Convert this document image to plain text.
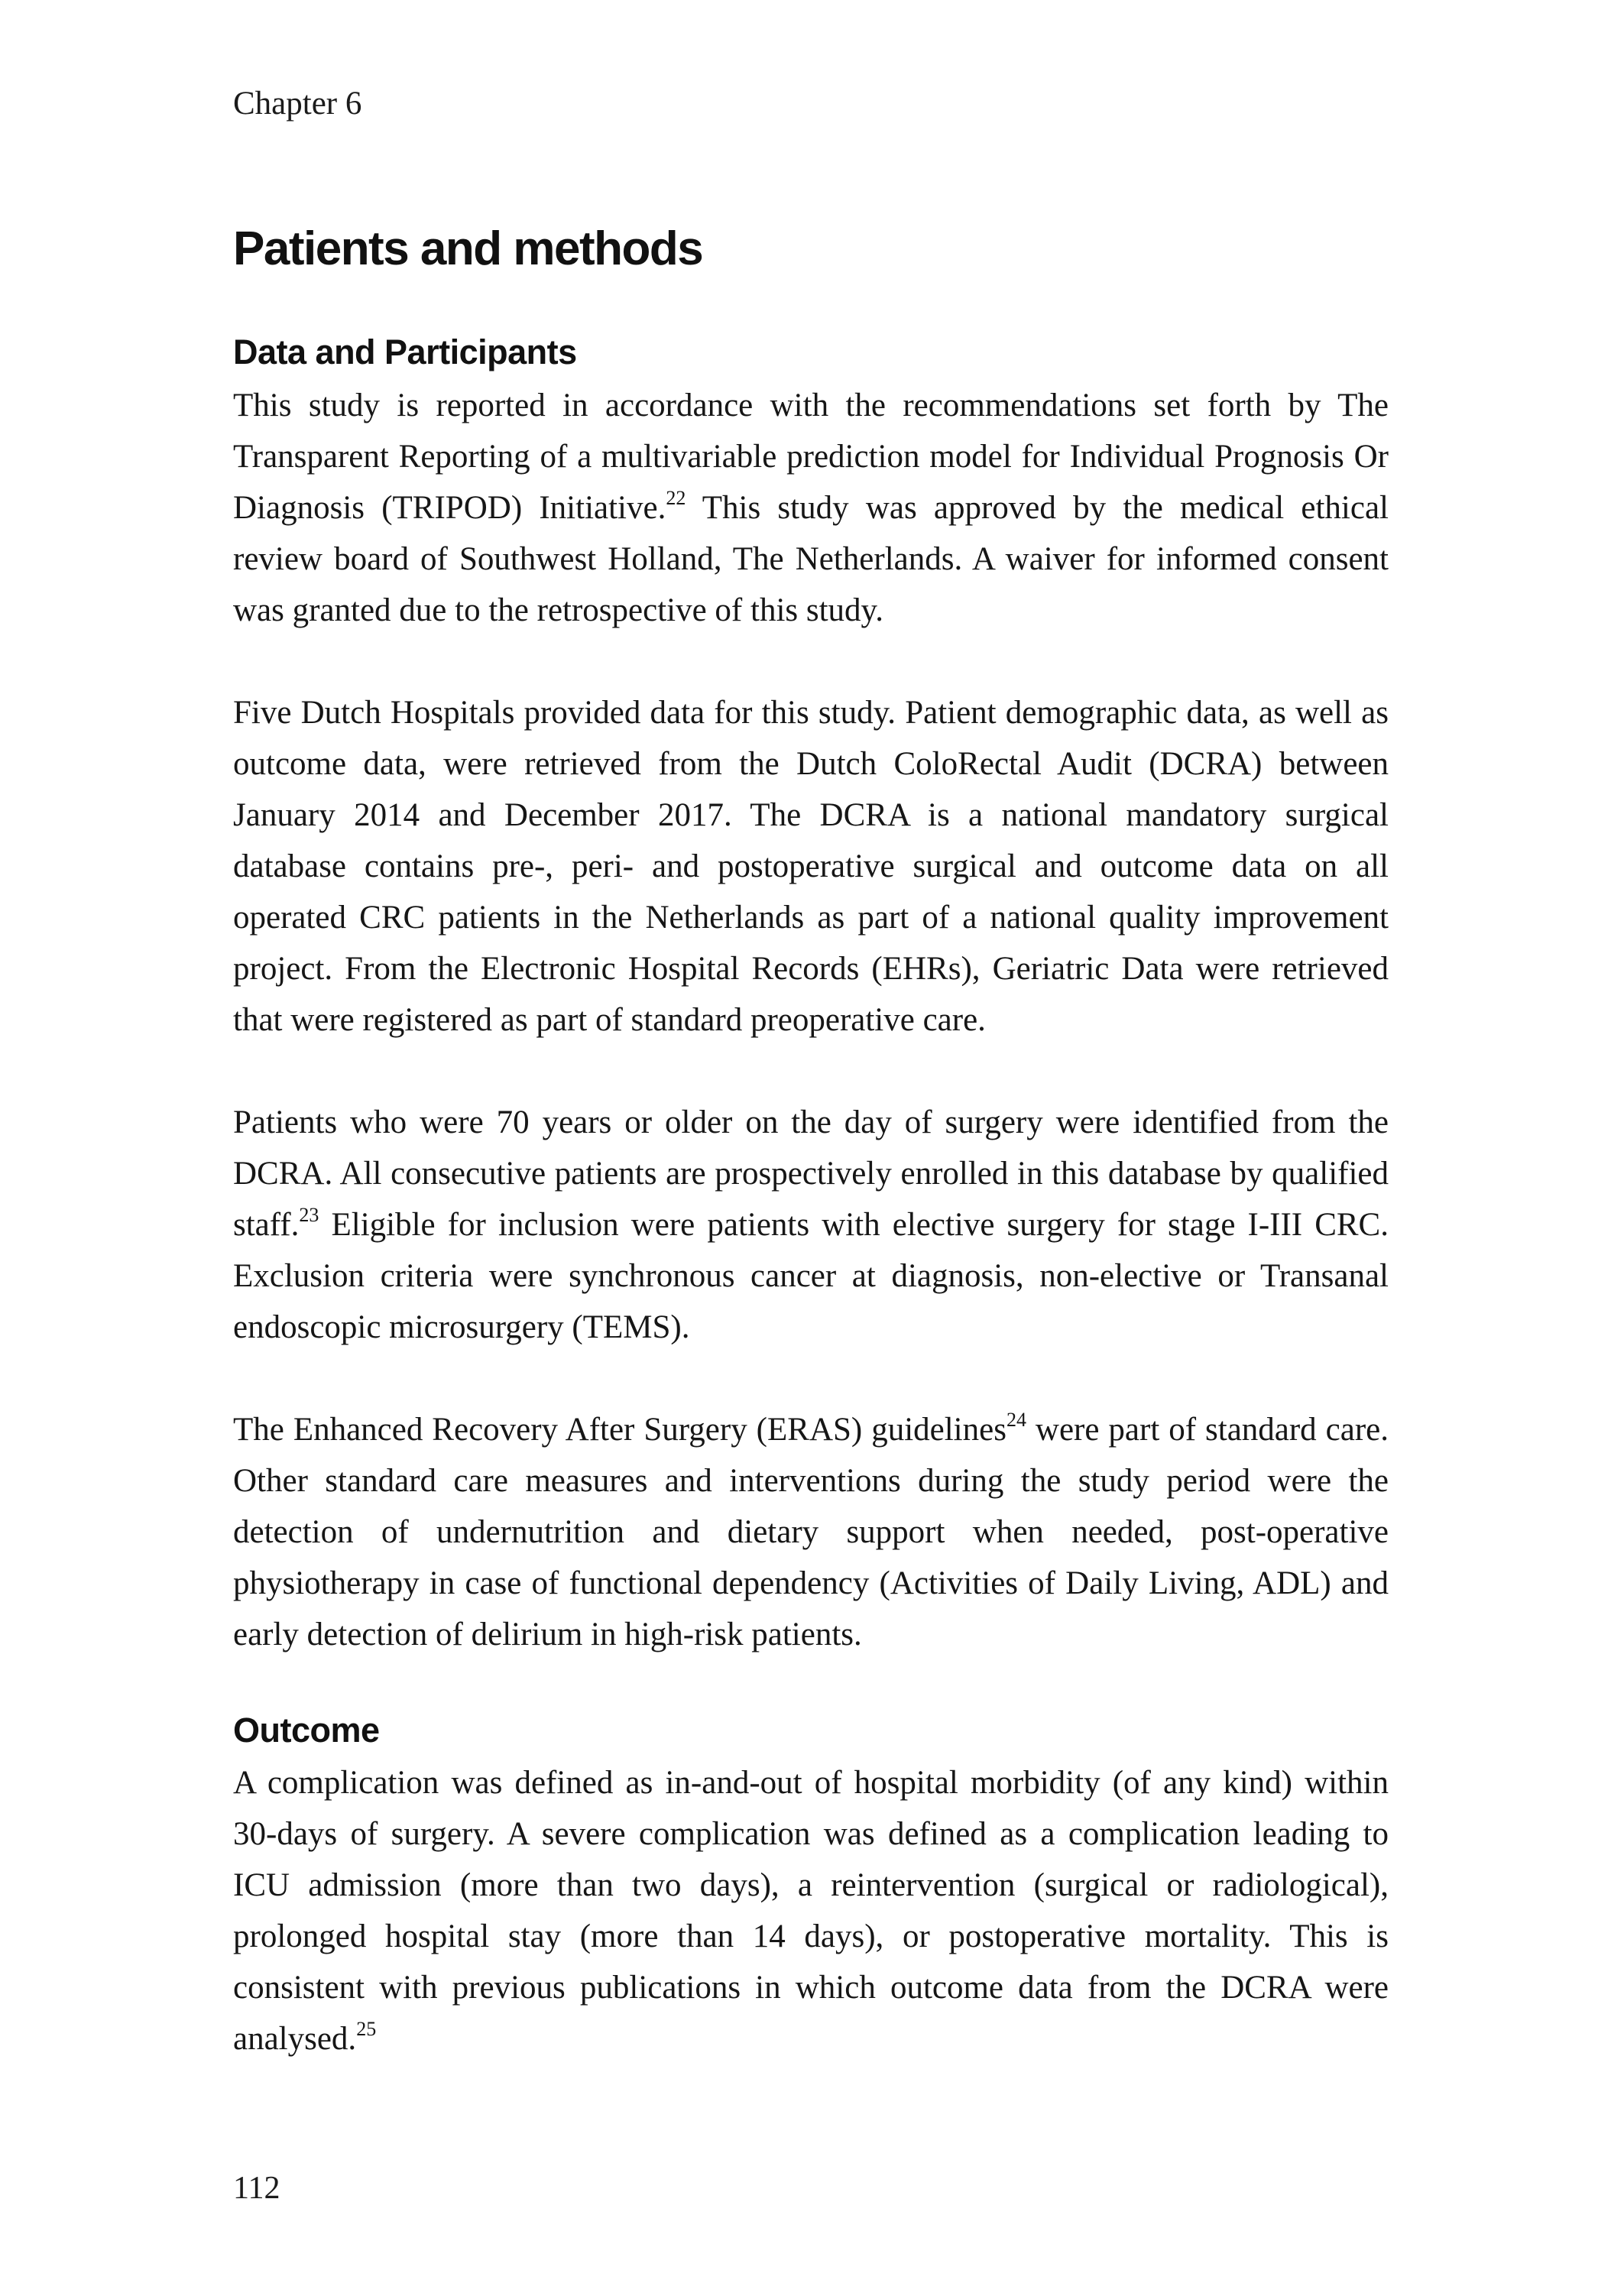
Chapter 6
Patients and methods
Data and Participants

This study is reported in accordance with the recommendations set forth by The Transparent Reporting of a multivariable prediction model for Individual Prognosis Or Diagnosis (TRIPOD) Initiative.$^{22}$ This study was approved by the medical ethical review board of Southwest Holland, The Netherlands. A waiver for informed consent was granted due to the retrospective of this study.

Five Dutch Hospitals provided data for this study. Patient demographic data, as well as outcome data, were retrieved from the Dutch ColoRectal Audit (DCRA) between January 2014 and December 2017. The DCRA is a national mandatory surgical database contains pre-, peri- and postoperative surgical and outcome data on all operated CRC patients in the Netherlands as part of a national quality improvement project. From the Electronic Hospital Records (EHRs), Geriatric Data were retrieved that were registered as part of standard preoperative care.

Patients who were 70 years or older on the day of surgery were identified from the DCRA. All consecutive patients are prospectively enrolled in this database by qualified staff.$^{23}$ Eligible for inclusion were patients with elective surgery for stage I-III CRC. Exclusion criteria were synchronous cancer at diagnosis, non-elective or Transanal endoscopic microsurgery (TEMS).

The Enhanced Recovery After Surgery (ERAS) guidelines$^{24}$ were part of standard care. Other standard care measures and interventions during the study period were the detection of undernutrition and dietary support when needed, post-operative physiotherapy in case of functional dependency (Activities of Daily Living, ADL) and early detection of delirium in high-risk patients.

Outcome

A complication was defined as in-and-out of hospital morbidity (of any kind) within 30-days of surgery. A severe complication was defined as a complication leading to ICU admission (more than two days), a reintervention (surgical or radiological), prolonged hospital stay (more than 14 days), or postoperative mortality. This is consistent with previous publications in which outcome data from the DCRA were analysed.$^{25}$

112
